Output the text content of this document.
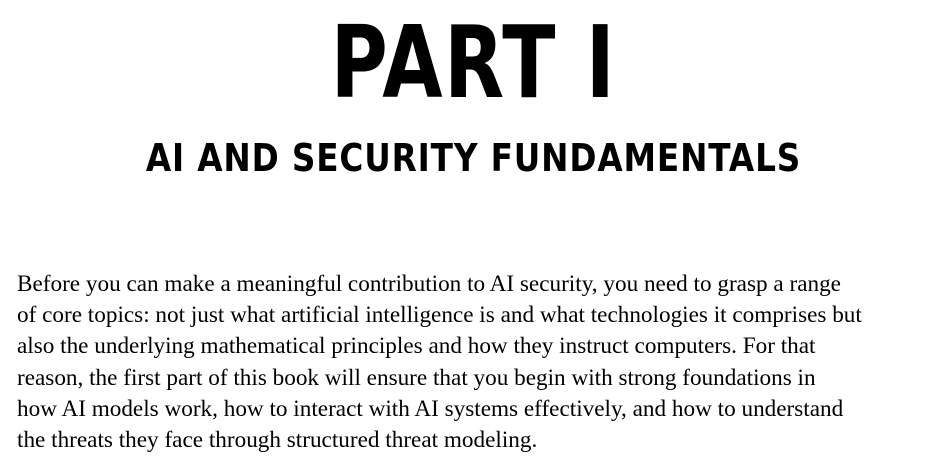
PART I
AI AND SECURITY FUNDAMENTALS

Before you can make a meaningful contribution to AI security, you need to grasp a range
of core topics: not just what artificial intelligence is and what technologies it comprises but
also the underlying mathematical principles and how they instruct computers. For that
reason, the first part of this book will ensure that you begin with strong foundations in
how AI models work, how to interact with AI systems effectively, and how to understand
the threats they face through structured threat modeling.
